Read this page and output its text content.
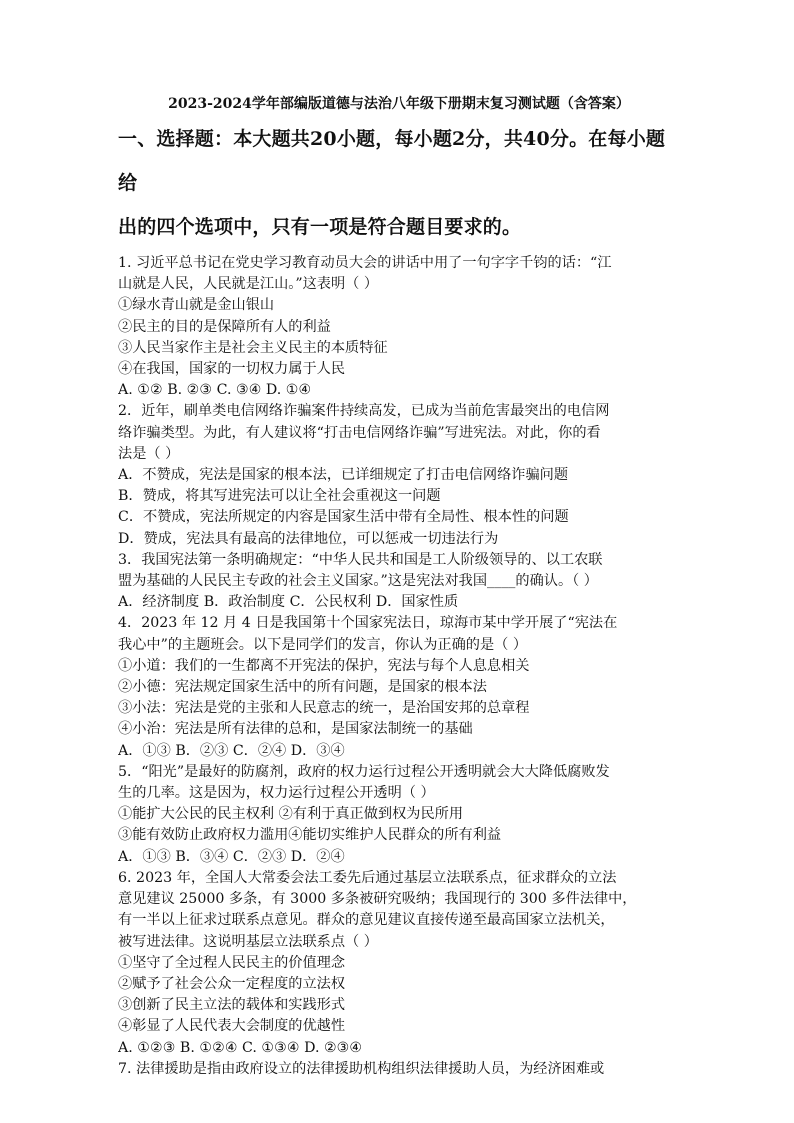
2023-2024学年部编版道德与法治八年级下册期末复习测试题（含答案）
一、选择题：本大题共20小题，每小题2分，共40分。在每小题给
出的四个选项中，只有一项是符合题目要求的。
1. 习近平总书记在党史学习教育动员大会的讲话中用了一句字字千钧的话：“江
山就是人民，人民就是江山。”这表明（ ）
①绿水青山就是金山银山
②民主的目的是保障所有人的利益
③人民当家作主是社会主义民主的本质特征
④在我国，国家的一切权力属于人民
A. ①② B. ②③ C. ③④ D. ①④
2．近年，刷单类电信网络诈骗案件持续高发，已成为当前危害最突出的电信网
络诈骗类型。为此，有人建议将“打击电信网络诈骗”写进宪法。对此，你的看
法是（ ）
A．不赞成，宪法是国家的根本法，已详细规定了打击电信网络诈骗问题
B．赞成，将其写进宪法可以让全社会重视这一问题
C．不赞成，宪法所规定的内容是国家生活中带有全局性、根本性的问题
D．赞成，宪法具有最高的法律地位，可以惩戒一切违法行为
3．我国宪法第一条明确规定：“中华人民共和国是工人阶级领导的、以工农联
盟为基础的人民民主专政的社会主义国家。”这是宪法对我国____的确认。（ ）
A．经济制度 B．政治制度 C．公民权利 D．国家性质
4．2023 年 12 月 4 日是我国第十个国家宪法日，琼海市某中学开展了“宪法在
我心中”的主题班会。以下是同学们的发言，你认为正确的是（ ）
①小道：我们的一生都离不开宪法的保护，宪法与每个人息息相关
②小德：宪法规定国家生活中的所有问题，是国家的根本法
③小法：宪法是党的主张和人民意志的统一，是治国安邦的总章程
④小治：宪法是所有法律的总和，是国家法制统一的基础
A．①③ B．②③ C．②④ D．③④
5．“阳光”是最好的防腐剂，政府的权力运行过程公开透明就会大大降低腐败发
生的几率。这是因为，权力运行过程公开透明（ ）
①能扩大公民的民主权利 ②有利于真正做到权为民所用
③能有效防止政府权力滥用④能切实维护人民群众的所有利益
A．①③ B．③④ C．②③ D．②④
6. 2023 年，全国人大常委会法工委先后通过基层立法联系点，征求群众的立法
意见建议 25000 多条，有 3000 多条被研究吸纳；我国现行的 300 多件法律中，
有一半以上征求过联系点意见。群众的意见建议直接传递至最高国家立法机关，
被写进法律。这说明基层立法联系点（ ）
①坚守了全过程人民民主的价值理念
②赋予了社会公众一定程度的立法权
③创新了民主立法的载体和实践形式
④彰显了人民代表大会制度的优越性
A. ①②③ B. ①②④ C. ①③④ D. ②③④
7. 法律援助是指由政府设立的法律援助机构组织法律援助人员，为经济困难或
